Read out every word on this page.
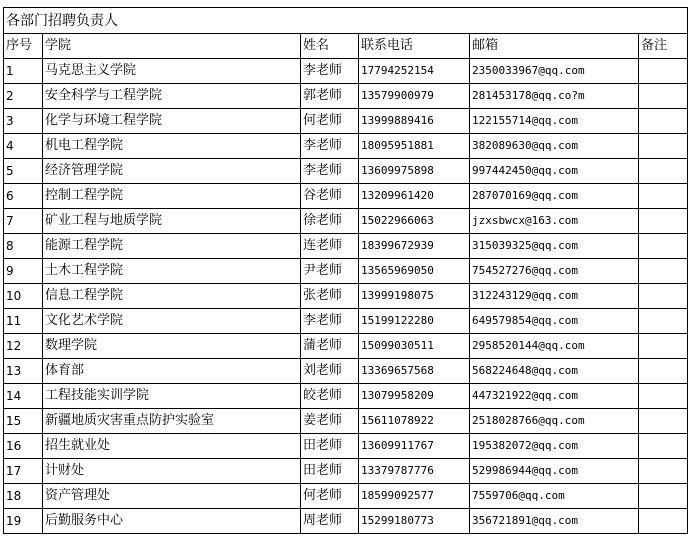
各部门招聘负责人					
序号	学院	姓名	联系电话	邮箱	备注
1	马克思主义学院	李老师	17794252154	2350033967@qq.com	
2	安全科学与工程学院	郭老师	13579900979	281453178@qq.co?m	
3	化学与环境工程学院	何老师	13999889416	122155714@qq.com	
4	机电工程学院	李老师	18095951881	382089630@qq.com	
5	经济管理学院	李老师	13609975898	997442450@qq.com	
6	控制工程学院	谷老师	13209961420	287070169@qq.com	
7	矿业工程与地质学院	徐老师	15022966063	jzxsbwcx@163.com	
8	能源工程学院	连老师	18399672939	315039325@qq.com	
9	土木工程学院	尹老师	13565969050	754527276@qq.com	
10	信息工程学院	张老师	13999198075	312243129@qq.com	
11	文化艺术学院	李老师	15199122280	649579854@qq.com	
12	数理学院	蒲老师	15099030511	2958520144@qq.com	
13	体育部	刘老师	13369657568	568224648@qq.com	
14	工程技能实训学院	皎老师	13079958209	447321922@qq.com	
15	新疆地质灾害重点防护实验室	姜老师	15611078922	2518028766@qq.com	
16	招生就业处	田老师	13609911767	195382072@qq.com	
17	计财处	田老师	13379787776	529986944@qq.com	
18	资产管理处	何老师	18599092577	7559706@qq.com	
19	后勤服务中心	周老师	15299180773	356721891@qq.com	
